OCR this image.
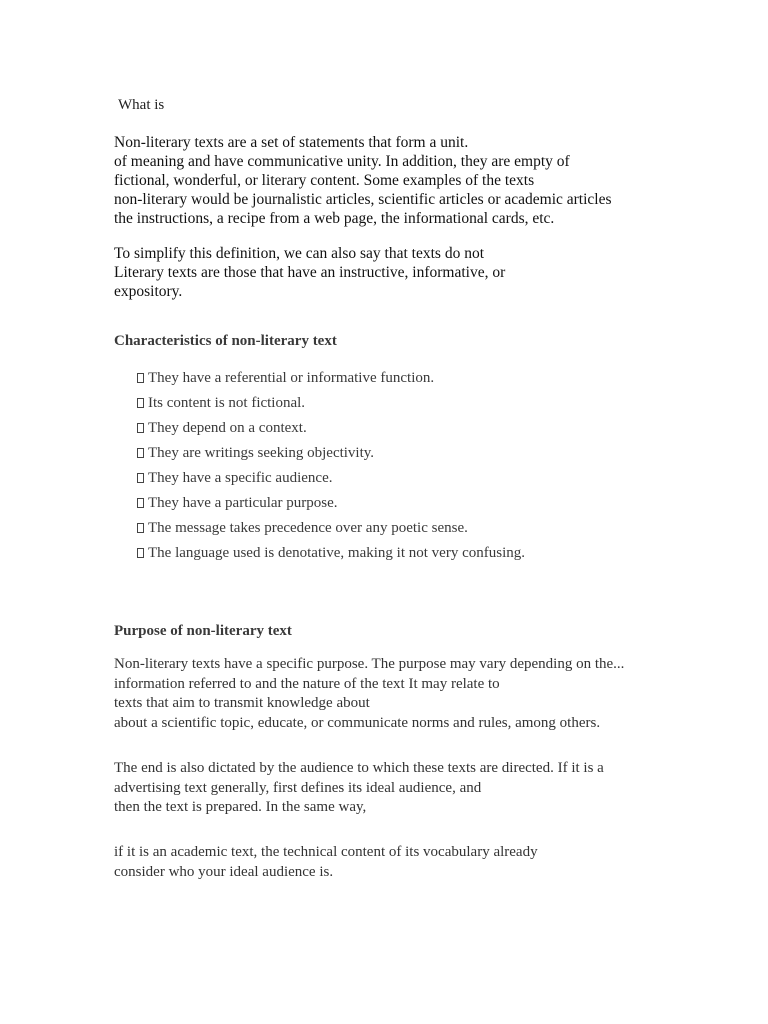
What is
Non-literary texts are a set of statements that form a unit.
of meaning and have communicative unity. In addition, they are empty of
fictional, wonderful, or literary content. Some examples of the texts
non-literary would be journalistic articles, scientific articles or academic articles
the instructions, a recipe from a web page, the informational cards, etc.
To simplify this definition, we can also say that texts do not
Literary texts are those that have an instructive, informative, or
expository.
Characteristics of non-literary text
They have a referential or informative function.
Its content is not fictional.
They depend on a context.
They are writings seeking objectivity.
They have a specific audience.
They have a particular purpose.
The message takes precedence over any poetic sense.
The language used is denotative, making it not very confusing.
Purpose of non-literary text
Non-literary texts have a specific purpose. The purpose may vary depending on the...
information referred to and the nature of the text It may relate to
texts that aim to transmit knowledge about
about a scientific topic, educate, or communicate norms and rules, among others.
The end is also dictated by the audience to which these texts are directed. If it is a
advertising text generally, first defines its ideal audience, and
then the text is prepared. In the same way,
if it is an academic text, the technical content of its vocabulary already
consider who your ideal audience is.
